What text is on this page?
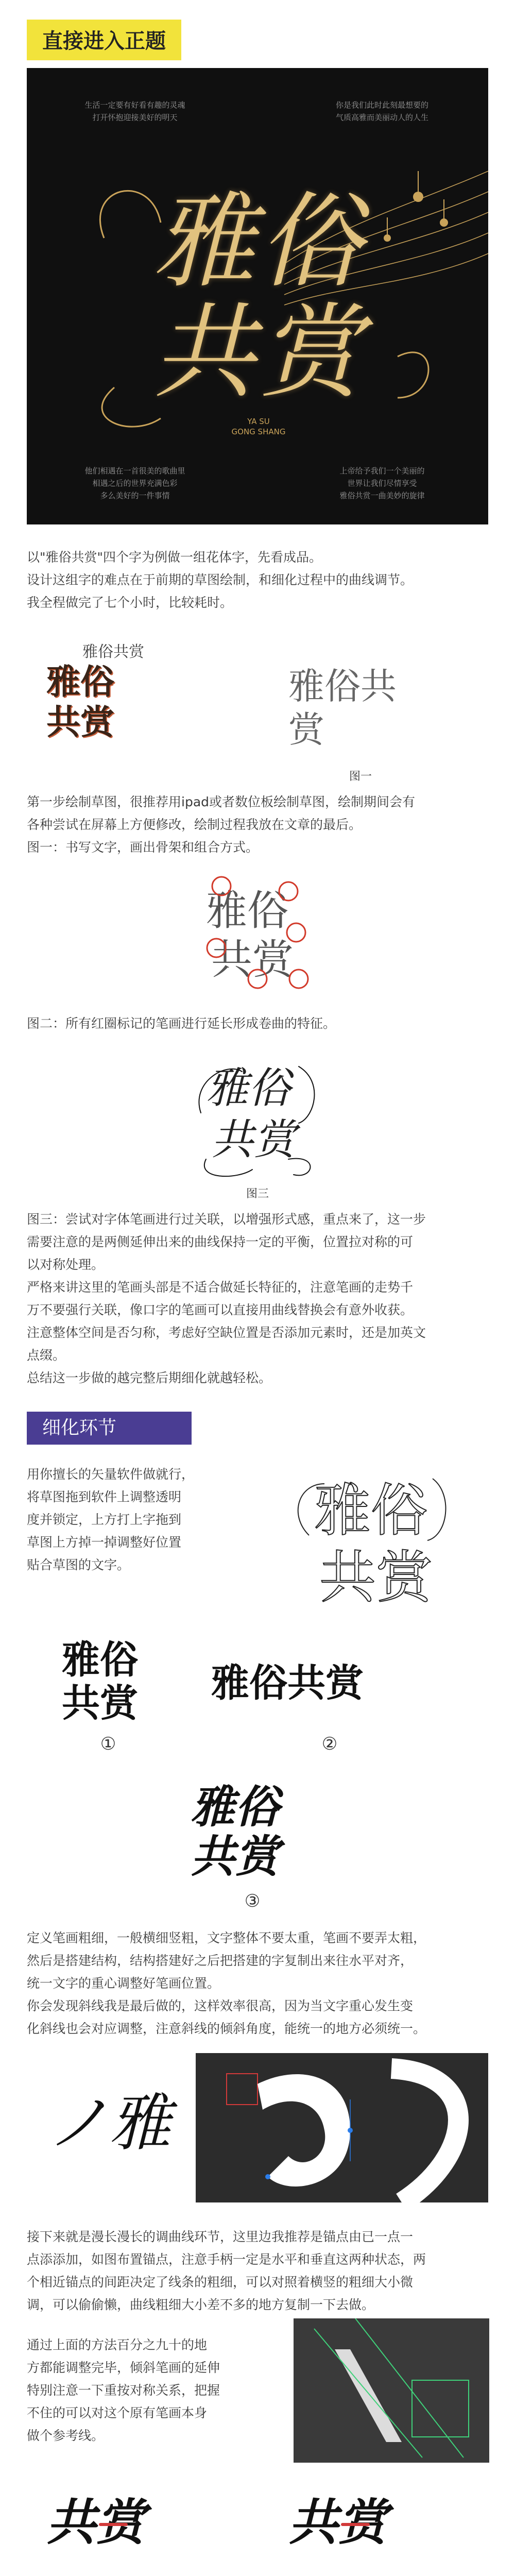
直接进入正题
生活一定要有好看有趣的灵魂
打开怀抱迎接美好的明天
你是我们此时此刻最想要的
气质高雅而美丽动人的人生
雅俗共赏
YA SU
GONG SHANG
他们相遇在一首很美的歌曲里
相遇之后的世界充满色彩
多么美好的一件事情
上帝给予我们一个美丽的
世界让我们尽情享受
雅俗共赏一曲美妙的旋律

以"雅俗共赏"四个字为例做一组花体字，先看成品。

设计这组字的难点在于前期的草图绘制，和细化过程中的曲线调节。

我全程做完了七个小时，比较耗时。

雅俗共赏
雅俗共赏
雅俗共赏
图一

第一步绘制草图，很推荐用ipad或者数位板绘制草图，绘制期间会有

各种尝试在屏幕上方便修改，绘制过程我放在文章的最后。

图一：书写文字，画出骨架和组合方式。

雅俗
共赏

图二：所有红圈标记的笔画进行延长形成卷曲的特征。

雅俗
共赏
图三

图三：尝试对字体笔画进行过关联，以增强形式感，重点来了，这一步

需要注意的是两侧延伸出来的曲线保持一定的平衡，位置拉对称的可

以对称处理。

严格来讲这里的笔画头部是不适合做延长特征的，注意笔画的走势千

万不要强行关联，像口字的笔画可以直接用曲线替换会有意外收获。

注意整体空间是否匀称，考虑好空缺位置是否添加元素时，还是加英文

点缀。

总结这一步做的越完整后期细化就越轻松。

细化环节

用你擅长的矢量软件做就行，

将草图拖到软件上调整透明

度并锁定，上方打上字拖到

草图上方掉一掉调整好位置

贴合草图的文字。

雅俗
共赏
雅俗
共赏
①
雅俗共赏
②
雅俗
共赏
③

定义笔画粗细，一般横细竖粗，文字整体不要太重，笔画不要弄太粗，

然后是搭建结构，结构搭建好之后把搭建的字复制出来往水平对齐，

统一文字的重心调整好笔画位置。

你会发现斜线我是最后做的，这样效率很高，因为当文字重心发生变

化斜线也会对应调整，注意斜线的倾斜角度，能统一的地方必须统一。

ノ雅

接下来就是漫长漫长的调曲线环节，这里边我推荐是锚点由已一点一

点添添加，如图布置锚点，注意手柄一定是水平和垂直这两种状态，两

个相近锚点的间距决定了线条的粗细，可以对照着横竖的粗细大小微

调，可以偷偷懒，曲线粗细大小差不多的地方复制一下去做。

通过上面的方法百分之九十的地

方都能调整完毕，倾斜笔画的延伸

特别注意一下重按对称关系，把握

不住的可以对这个原有笔画本身

做个参考线。

共赏	共赏
